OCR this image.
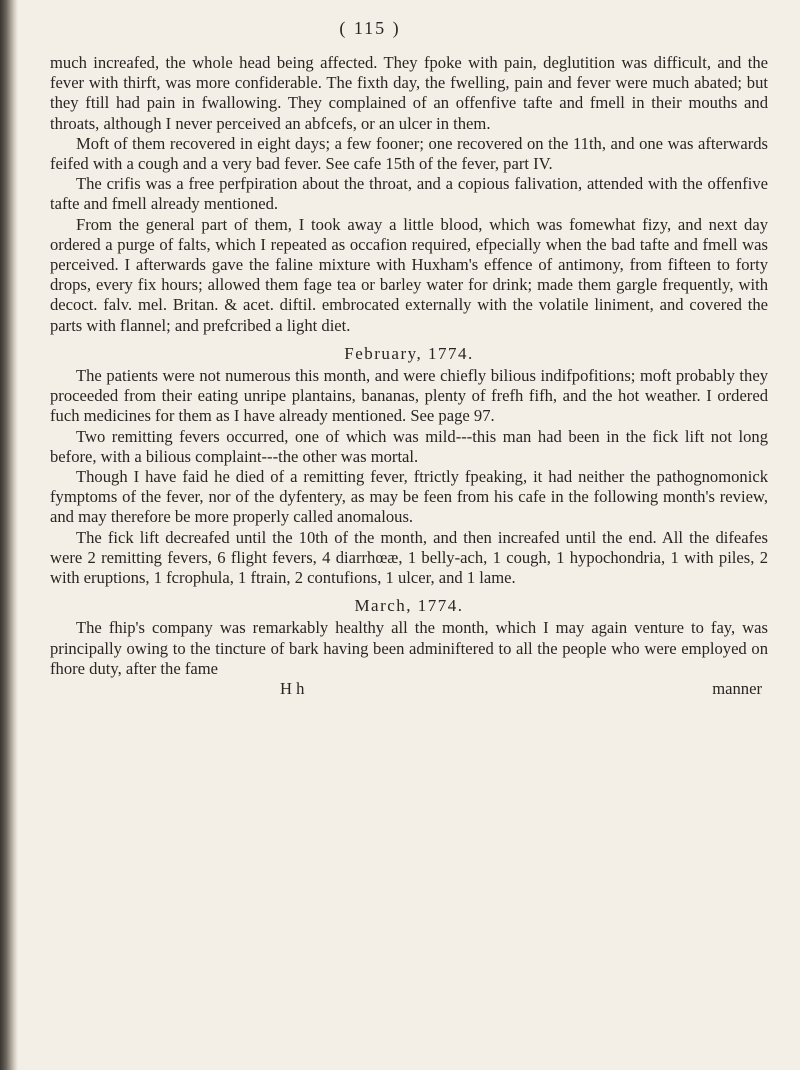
( 115 )

much increafed, the whole head being affected. They fpoke with pain, deglutition was difficult, and the fever with thirft, was more confiderable. The fixth day, the fwelling, pain and fever were much abated; but they ftill had pain in fwallowing. They complained of an offenfive tafte and fmell in their mouths and throats, although I never perceived an abfcefs, or an ulcer in them.

Moft of them recovered in eight days; a few fooner; one recovered on the 11th, and one was afterwards feifed with a cough and a very bad fever. See cafe 15th of the fever, part IV.

The crifis was a free perfpiration about the throat, and a copious falivation, attended with the offenfive tafte and fmell already mentioned.

From the general part of them, I took away a little blood, which was fomewhat fizy, and next day ordered a purge of falts, which I repeated as occafion required, efpecially when the bad tafte and fmell was perceived. I afterwards gave the faline mixture with Huxham's effence of antimony, from fifteen to forty drops, every fix hours; allowed them fage tea or barley water for drink; made them gargle frequently, with decoct. falv. mel. Britan. & acet. diftil. embrocated externally with the volatile liniment, and covered the parts with flannel; and prefcribed a light diet.

February, 1774.

The patients were not numerous this month, and were chiefly bilious indifpofitions; moft probably they proceeded from their eating unripe plantains, bananas, plenty of frefh fifh, and the hot weather. I ordered fuch medicines for them as I have already mentioned. See page 97.

Two remitting fevers occurred, one of which was mild---this man had been in the fick lift not long before, with a bilious complaint---the other was mortal.

Though I have faid he died of a remitting fever, ftrictly fpeaking, it had neither the pathognomonick fymptoms of the fever, nor of the dyfentery, as may be feen from his cafe in the following month's review, and may therefore be more properly called anomalous.

The fick lift decreafed until the 10th of the month, and then increafed until the end. All the difeafes were 2 remitting fevers, 6 flight fevers, 4 diarrhœæ, 1 belly-ach, 1 cough, 1 hypochondria, 1 with piles, 2 with eruptions, 1 fcrophula, 1 ftrain, 2 contufions, 1 ulcer, and 1 lame.

March, 1774.

The fhip's company was remarkably healthy all the month, which I may again venture to fay, was principally owing to the tincture of bark having been adminiftered to all the people who were employed on fhore duty, after the fame

H h	manner
